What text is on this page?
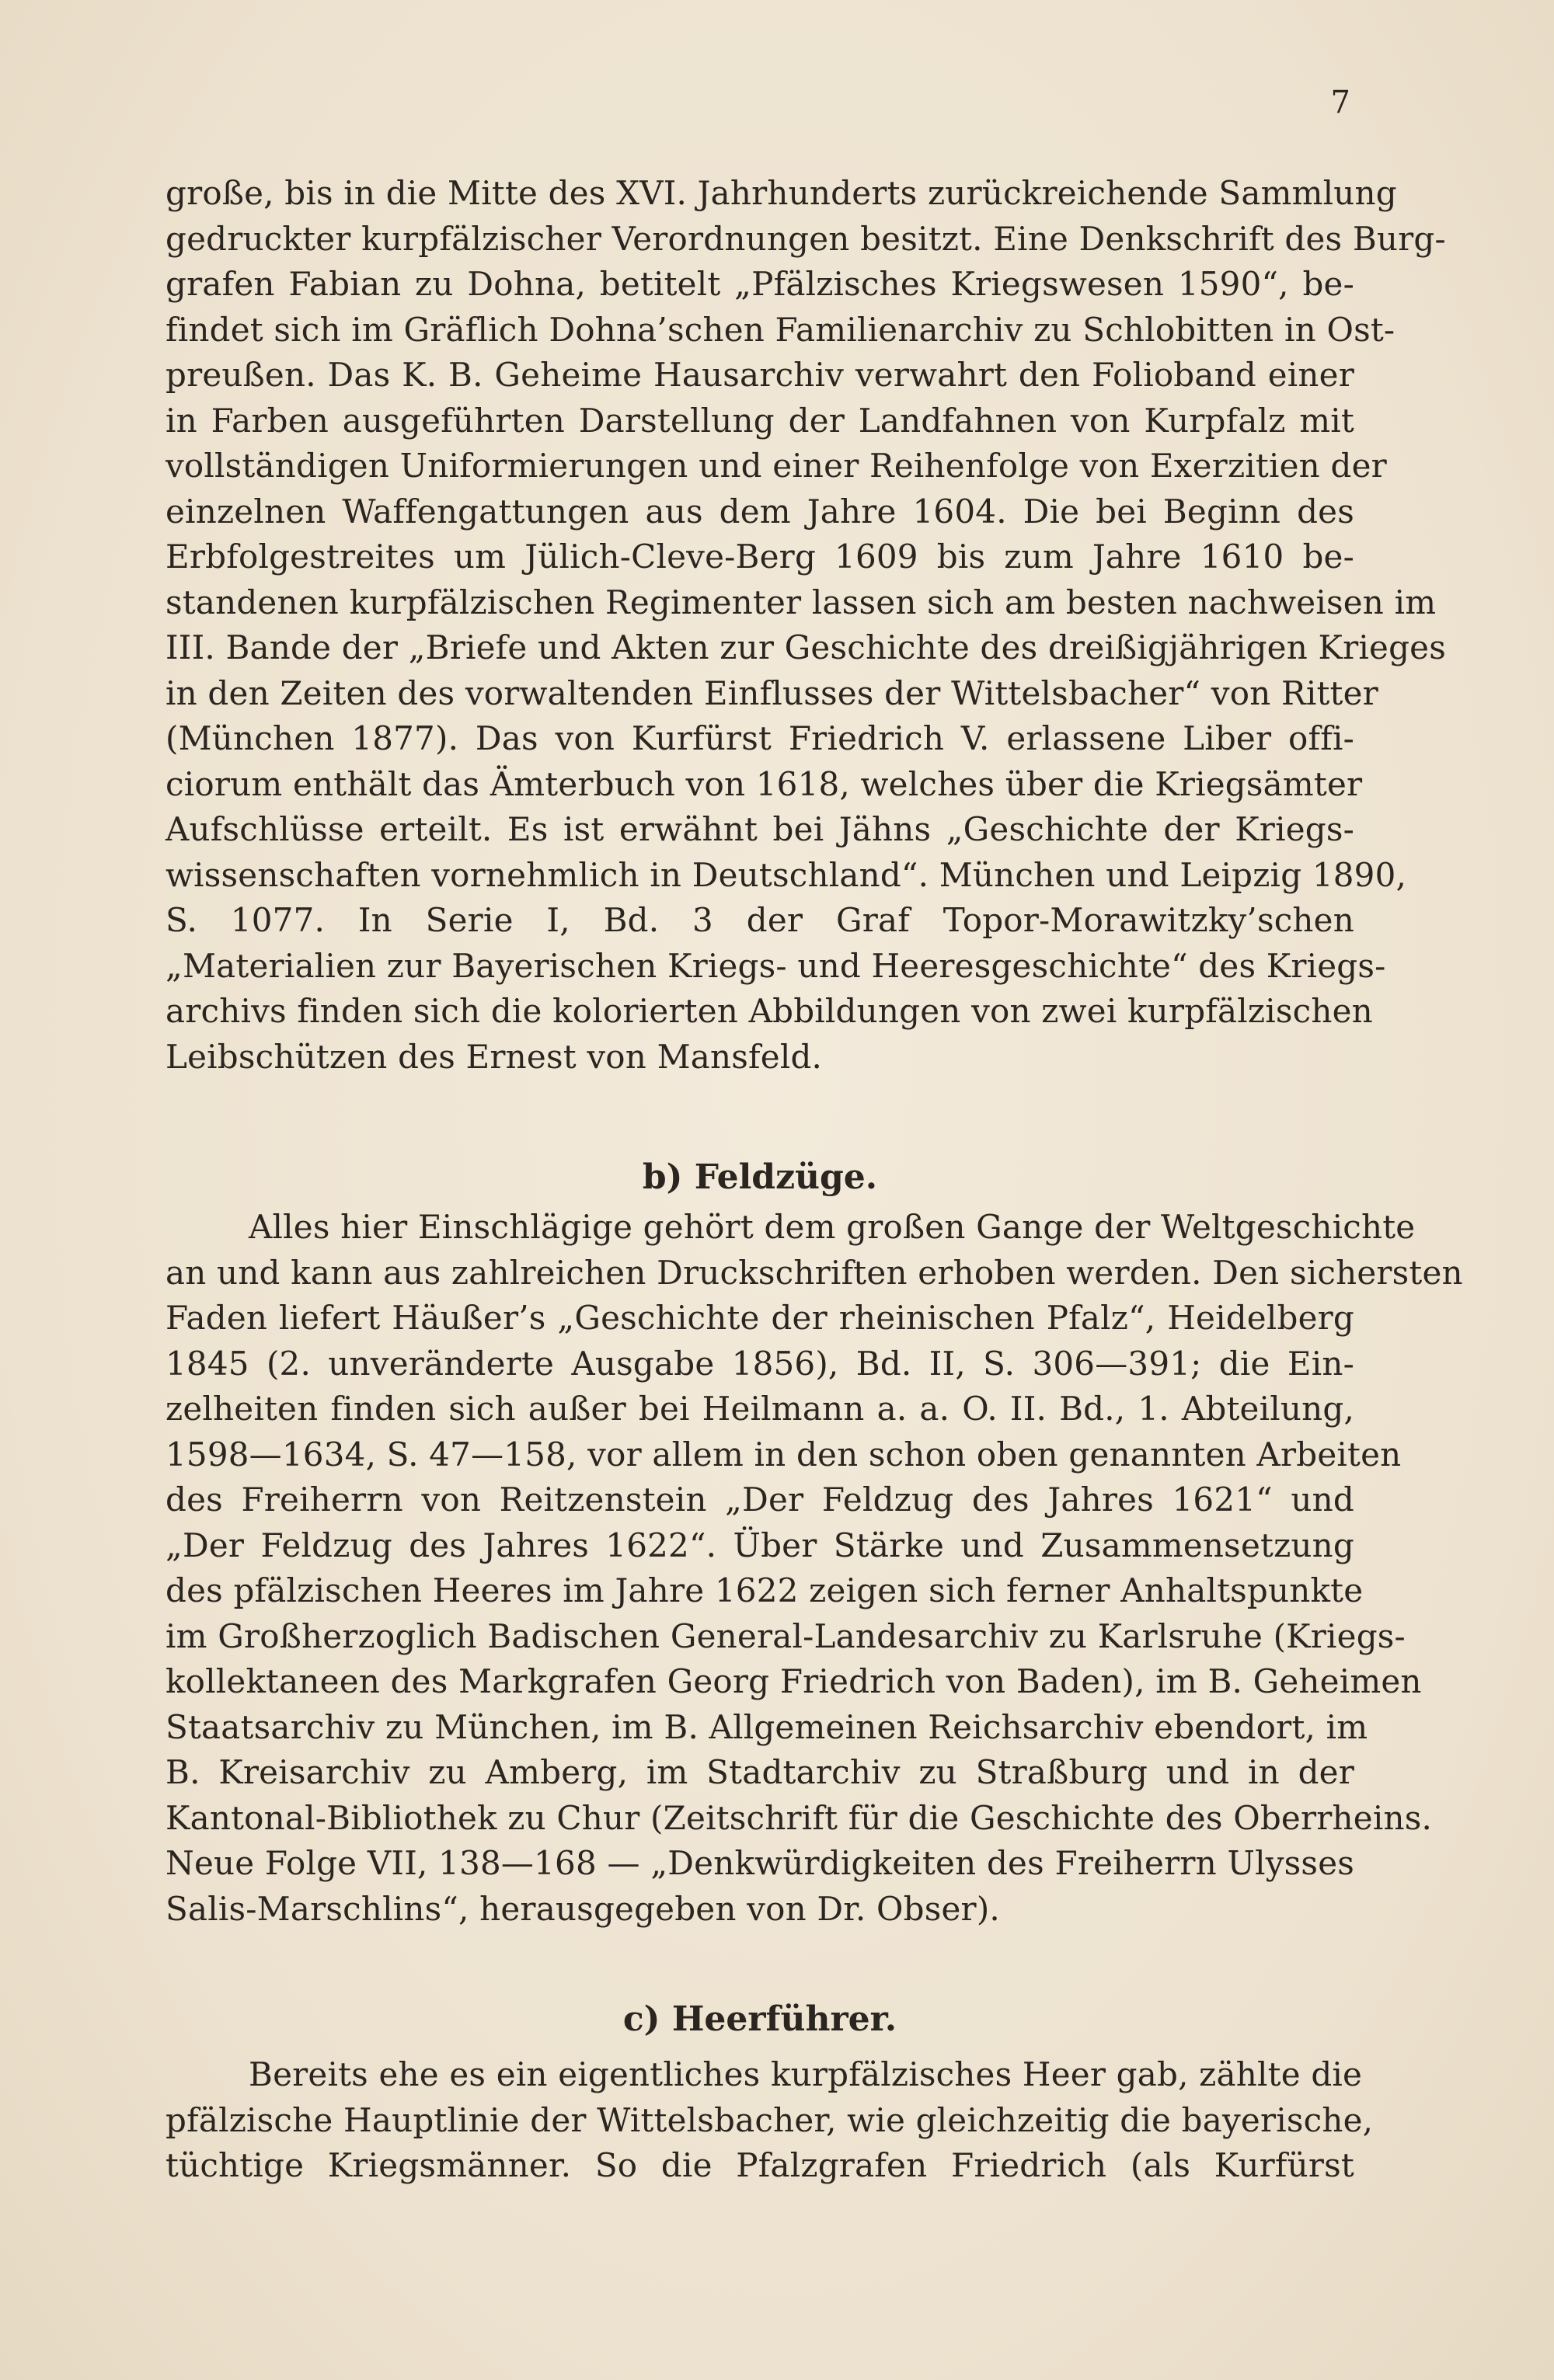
7
große, bis in die Mitte des XVI. Jahrhunderts zurückreichende Sammlung
gedruckter kurpfälzischer Verordnungen besitzt. Eine Denkschrift des Burg-
grafen Fabian zu Dohna, betitelt „Pfälzisches Kriegswesen 1590“, be-
findet sich im Gräflich Dohna’schen Familienarchiv zu Schlobitten in Ost-
preußen. Das K. B. Geheime Hausarchiv verwahrt den Folioband einer
in Farben ausgeführten Darstellung der Landfahnen von Kurpfalz mit
vollständigen Uniformierungen und einer Reihenfolge von Exerzitien der
einzelnen Waffengattungen aus dem Jahre 1604. Die bei Beginn des
Erbfolgestreites um Jülich-Cleve-Berg 1609 bis zum Jahre 1610 be-
standenen kurpfälzischen Regimenter lassen sich am besten nachweisen im
III. Bande der „Briefe und Akten zur Geschichte des dreißigjährigen Krieges
in den Zeiten des vorwaltenden Einflusses der Wittelsbacher“ von Ritter
(München 1877). Das von Kurfürst Friedrich V. erlassene Liber offi-
ciorum enthält das Ämterbuch von 1618, welches über die Kriegsämter
Aufschlüsse erteilt. Es ist erwähnt bei Jähns „Geschichte der Kriegs-
wissenschaften vornehmlich in Deutschland“. München und Leipzig 1890,
S. 1077. In Serie I, Bd. 3 der Graf Topor-Morawitzky’schen
„Materialien zur Bayerischen Kriegs- und Heeresgeschichte“ des Kriegs-
archivs finden sich die kolorierten Abbildungen von zwei kurpfälzischen
Leibschützen des Ernest von Mansfeld.
b) Feldzüge.
Alles hier Einschlägige gehört dem großen Gange der Weltgeschichte
an und kann aus zahlreichen Druckschriften erhoben werden. Den sichersten
Faden liefert Häußer’s „Geschichte der rheinischen Pfalz“, Heidelberg
1845 (2. unveränderte Ausgabe 1856), Bd. II, S. 306—391; die Ein-
zelheiten finden sich außer bei Heilmann a. a. O. II. Bd., 1. Abteilung,
1598—1634, S. 47—158, vor allem in den schon oben genannten Arbeiten
des Freiherrn von Reitzenstein „Der Feldzug des Jahres 1621“ und
„Der Feldzug des Jahres 1622“. Über Stärke und Zusammensetzung
des pfälzischen Heeres im Jahre 1622 zeigen sich ferner Anhaltspunkte
im Großherzoglich Badischen General-Landesarchiv zu Karlsruhe (Kriegs-
kollektaneen des Markgrafen Georg Friedrich von Baden), im B. Geheimen
Staatsarchiv zu München, im B. Allgemeinen Reichsarchiv ebendort, im
B. Kreisarchiv zu Amberg, im Stadtarchiv zu Straßburg und in der
Kantonal-Bibliothek zu Chur (Zeitschrift für die Geschichte des Oberrheins.
Neue Folge VII, 138—168 — „Denkwürdigkeiten des Freiherrn Ulysses
Salis-Marschlins“, herausgegeben von Dr. Obser).
c) Heerführer.
Bereits ehe es ein eigentliches kurpfälzisches Heer gab, zählte die
pfälzische Hauptlinie der Wittelsbacher, wie gleichzeitig die bayerische,
tüchtige Kriegsmänner. So die Pfalzgrafen Friedrich (als Kurfürst
